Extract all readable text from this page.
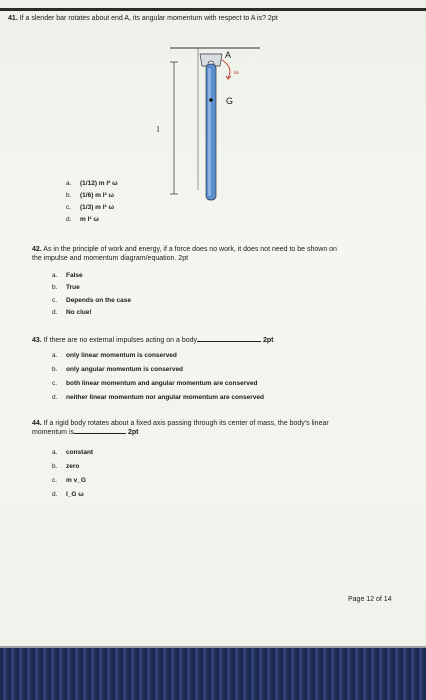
41. If a slender bar rotates about end A, its angular momentum with respect to A is? 2pt
A
ω
G
l
a. (1/12) m l² ω
b. (1/6) m l² ω
c. (1/3) m l² ω
d. m l² ω
42. As in the principle of work and energy, if a force does no work, it does not need to be shown on
the impulse and momentum diagram/equation. 2pt
a. False
b. True
c. Depends on the case
d. No clue!
43. If there are no external impulses acting on a body	2pt
a. only linear momentum is conserved
b. only angular momentum is conserved
c. both linear momentum and angular momentum are conserved
d. neither linear momentum nor angular momentum are conserved
44. If a rigid body rotates about a fixed axis passing through its center of mass, the body's linear
momentum is	2pt
a. constant
b. zero
c. m v_G
d. I_G ω
Page 12 of 14
